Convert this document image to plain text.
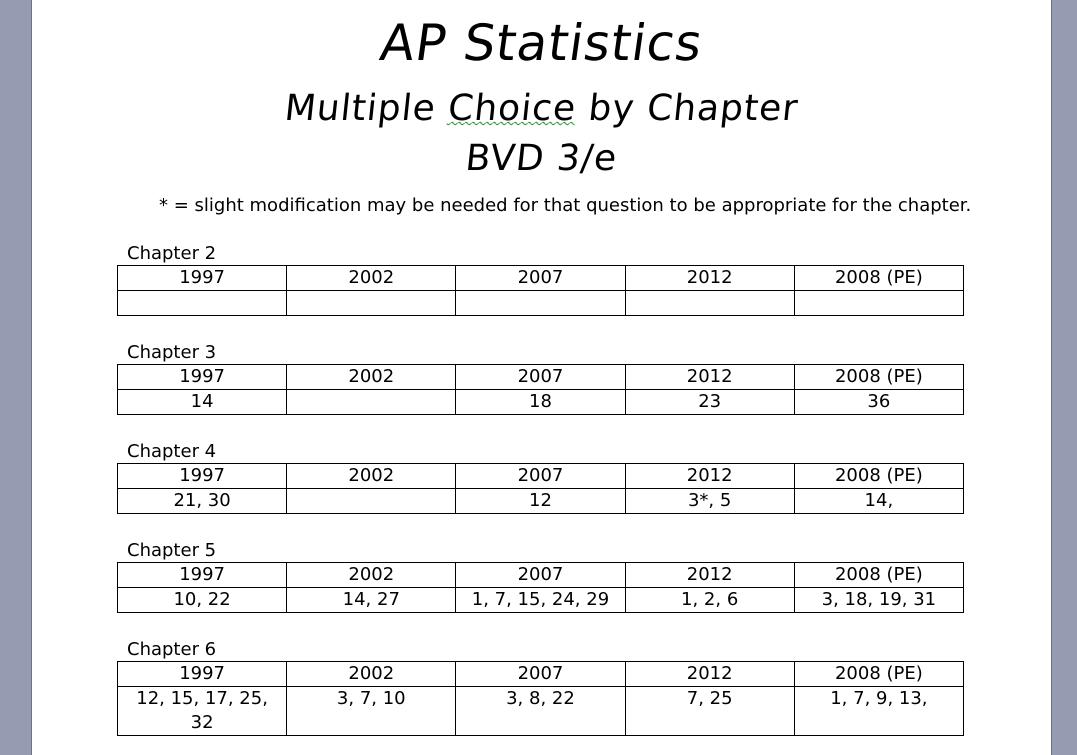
AP Statistics
Multiple Choice by Chapter
BVD 3/e
* = slight modification may be needed for that question to be appropriate for the chapter.
Chapter 2
1997	2002	2007	2012	2008 (PE)

Chapter 3
1997	2002	2007	2012	2008 (PE)
14		18	23	36
Chapter 4
1997	2002	2007	2012	2008 (PE)
21, 30		12	3*, 5	14,
Chapter 5
1997	2002	2007	2012	2008 (PE)
10, 22	14, 27	1, 7, 15, 24, 29	1, 2, 6	3, 18, 19, 31
Chapter 6
1997	2002	2007	2012	2008 (PE)
12, 15, 17, 25, 32	3, 7, 10	3, 8, 22	7, 25	1, 7, 9, 13,
